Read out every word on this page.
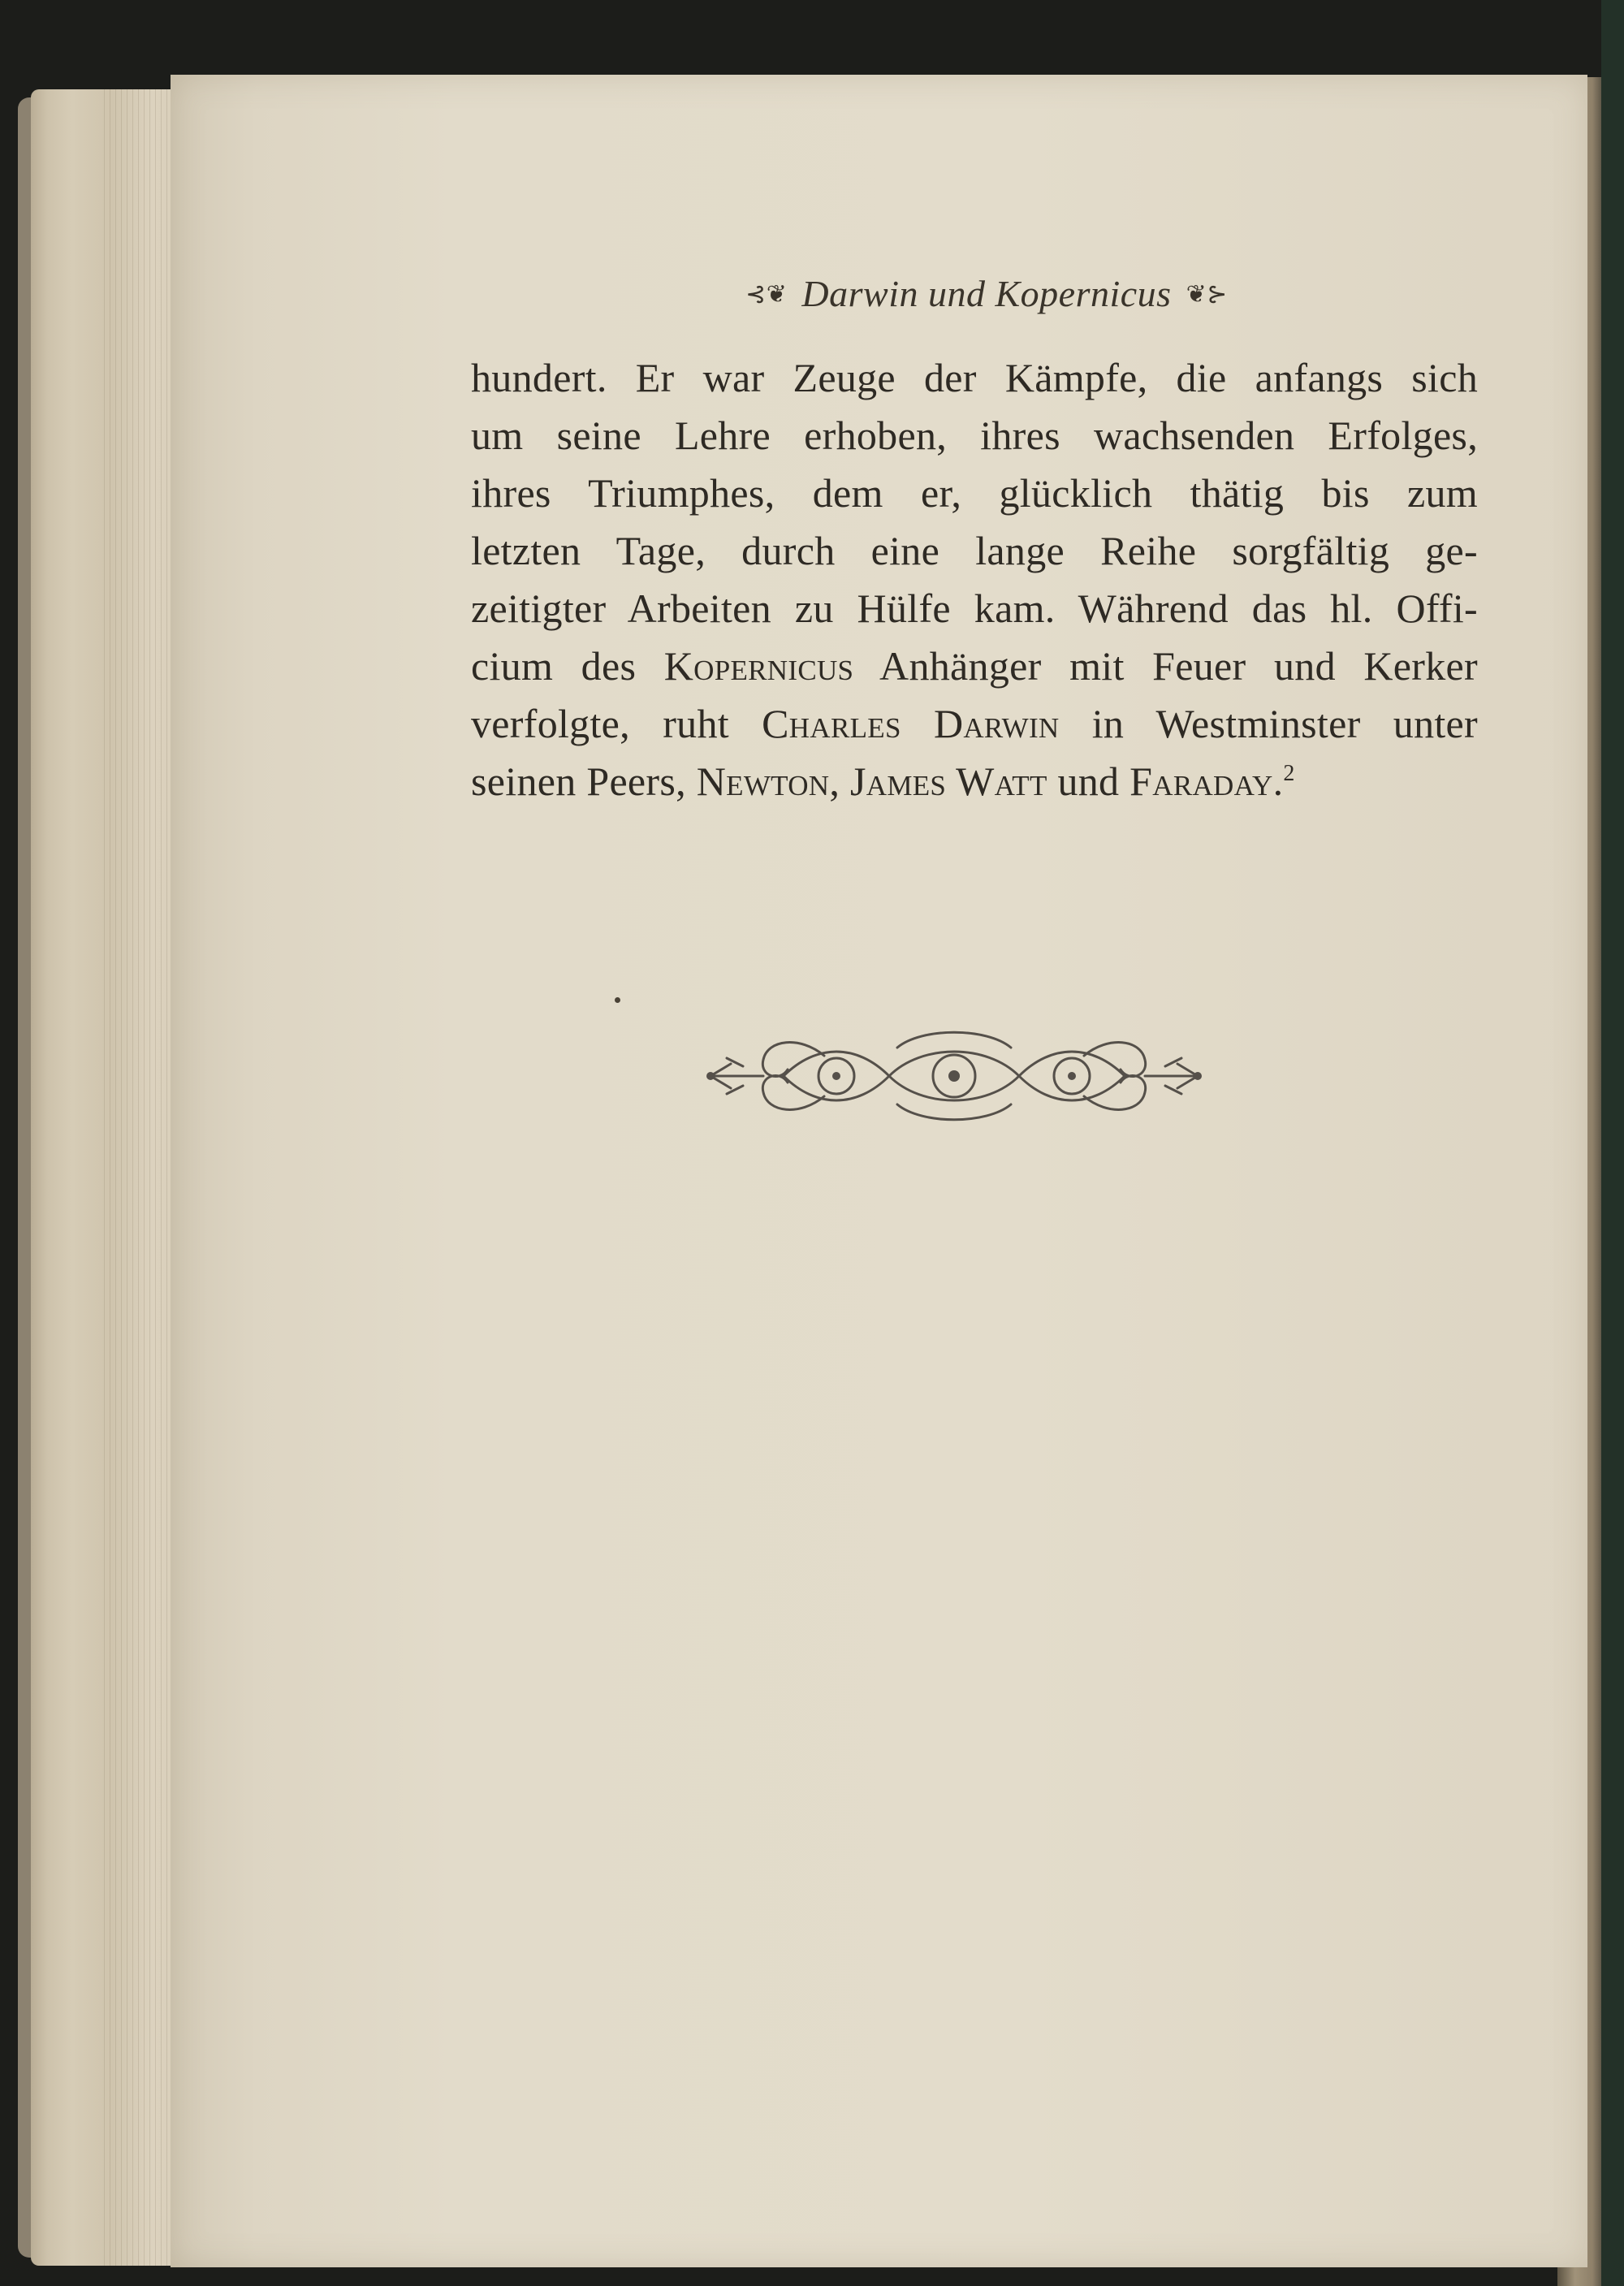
⊰❦ Darwin und Kopernicus ❦⊱
hundert. Er war Zeuge der Kämpfe, die anfangs sich
um seine Lehre erhoben, ihres wachsenden Erfolges,
ihres Triumphes, dem er, glücklich thätig bis zum
letzten Tage, durch eine lange Reihe sorgfältig ge-
zeitigter Arbeiten zu Hülfe kam. Während das hl. Offi-
cium des Kopernicus Anhänger mit Feuer und Kerker
verfolgte, ruht Charles Darwin in Westminster unter
seinen Peers, Newton, James Watt und Faraday.$^2$
